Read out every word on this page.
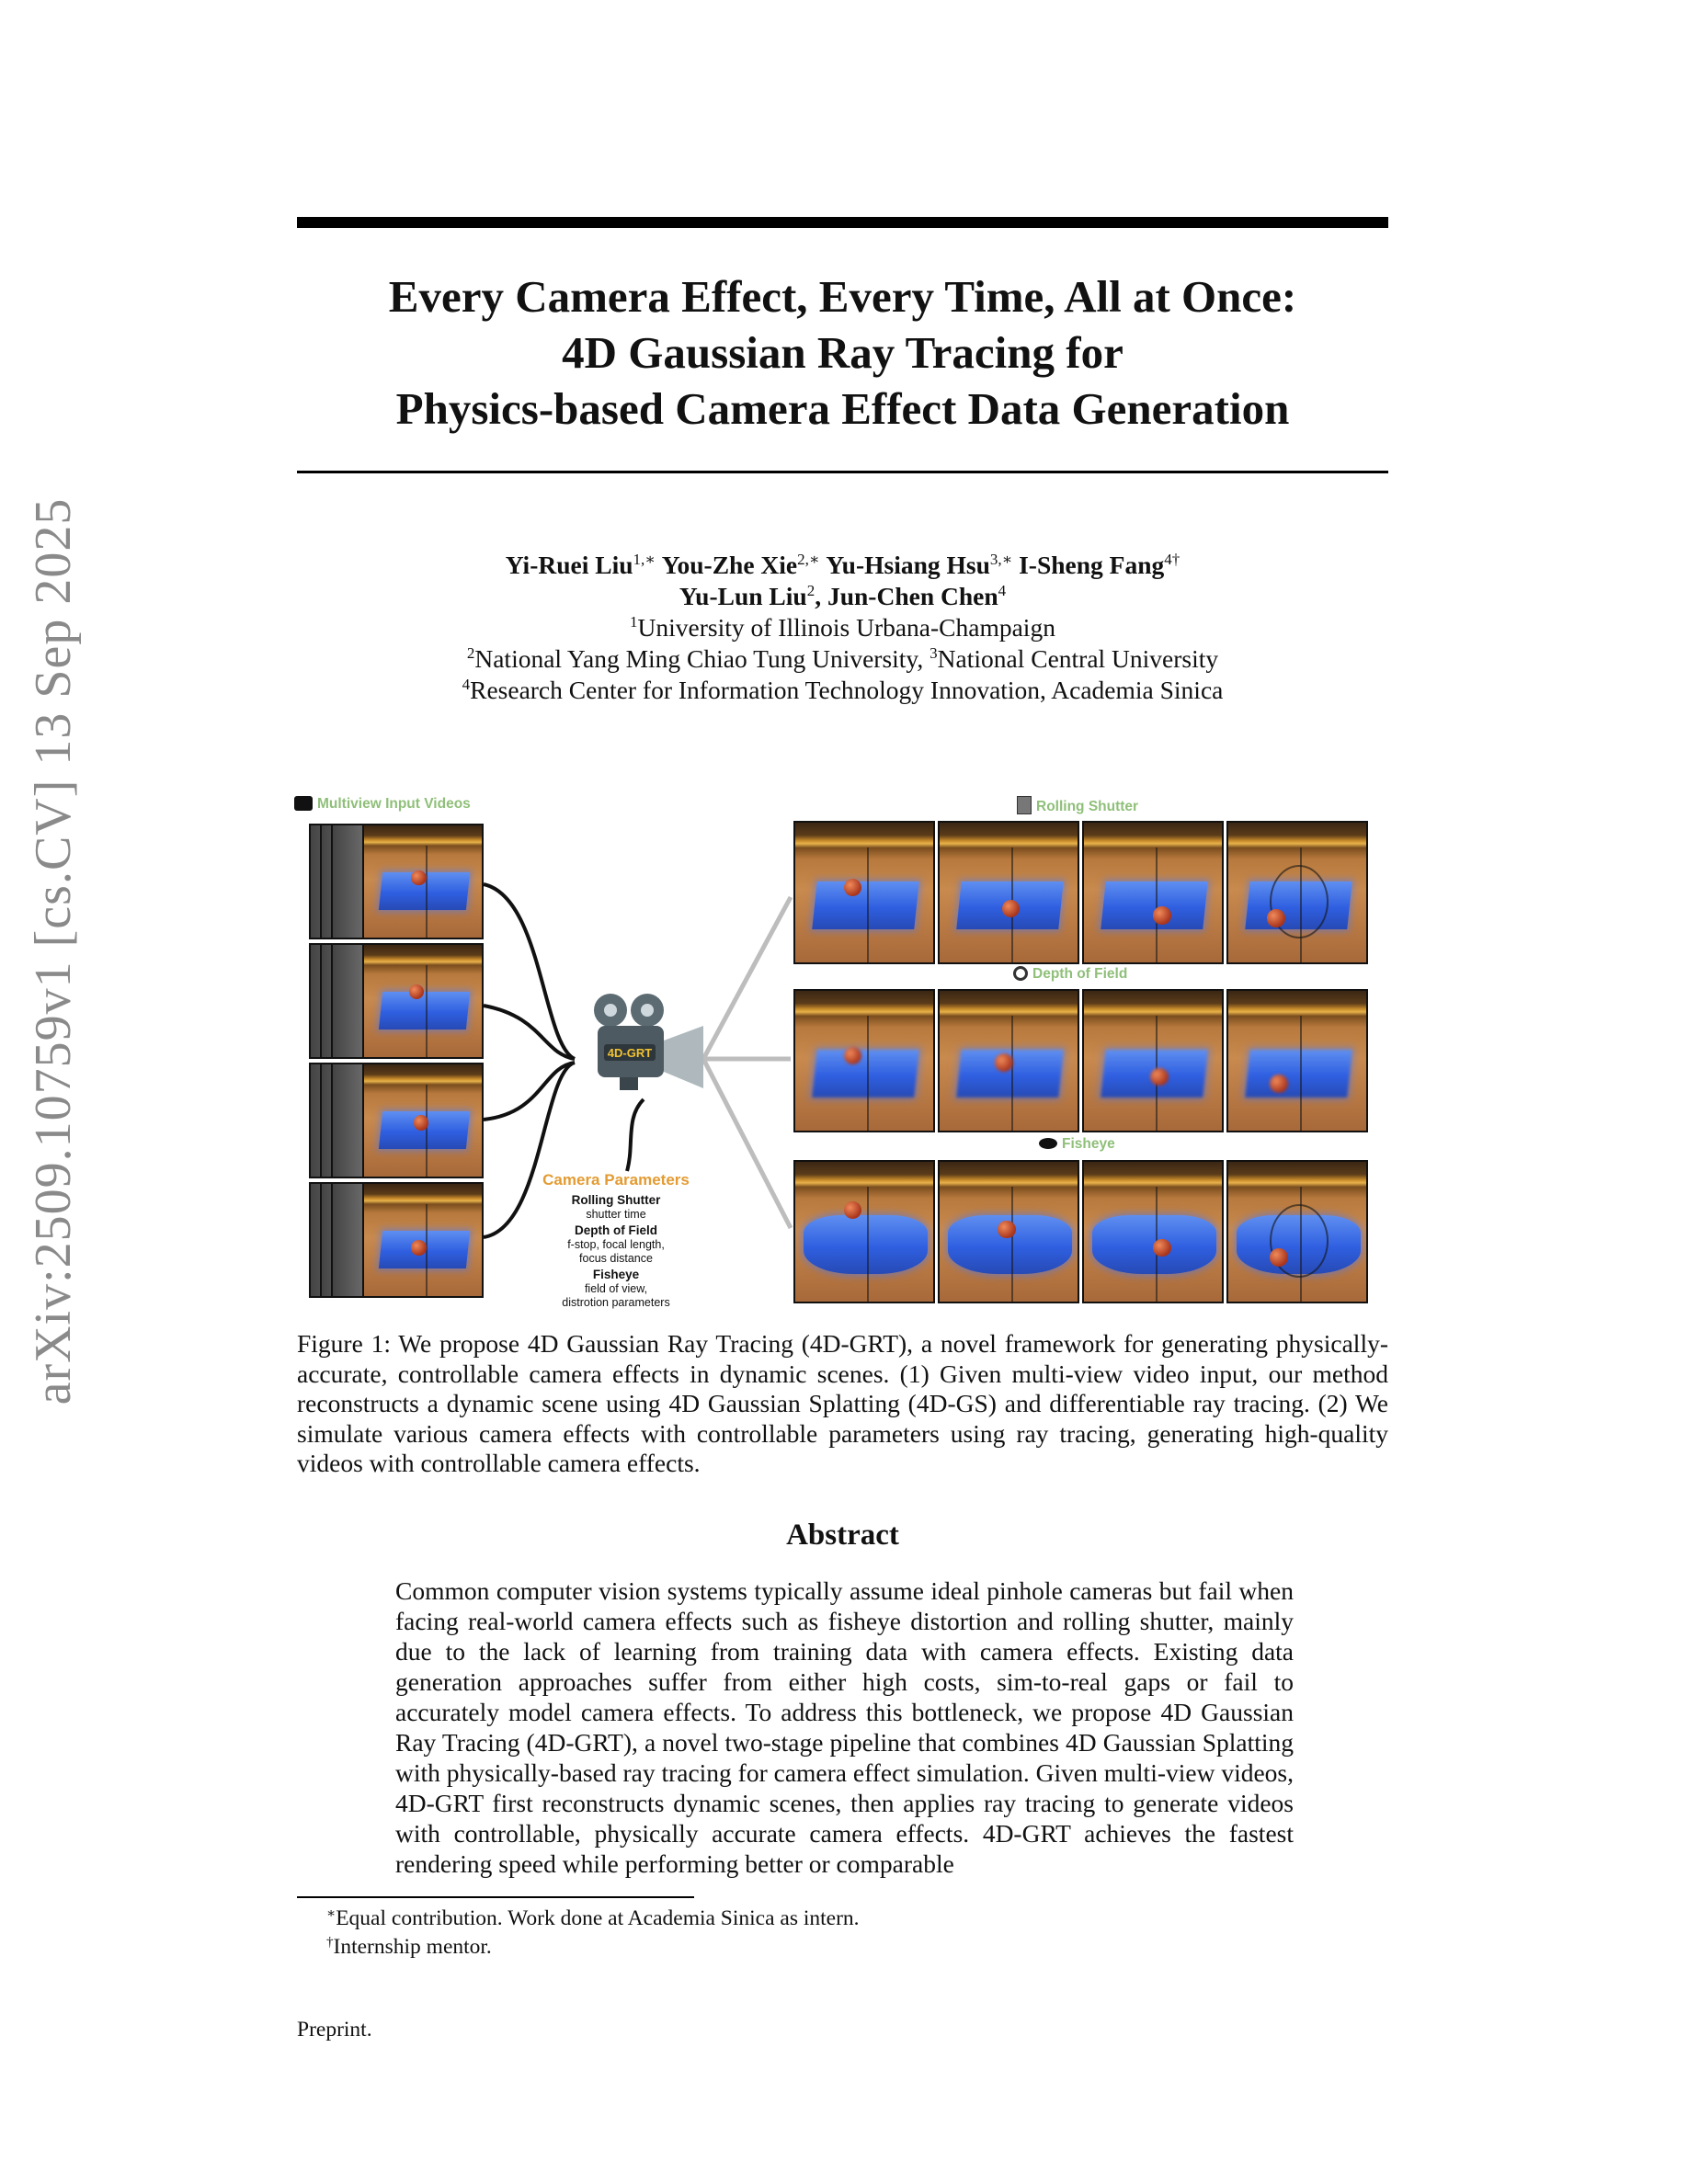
arXiv:2509.10759v1 [cs.CV] 13 Sep 2025
Every Camera Effect, Every Time, All at Once:
4D Gaussian Ray Tracing for
Physics-based Camera Effect Data Generation
Yi-Ruei Liu$^{1,∗}$ You-Zhe Xie$^{2,∗}$ Yu-Hsiang Hsu$^{3,∗}$ I-Sheng Fang$^{4\dagger}$
Yu-Lun Liu$^2$, Jun-Chen Chen$^4$
$^1$University of Illinois Urbana-Champaign
$^2$National Yang Ming Chiao Tung University, $^3$National Central University
$^4$Research Center for Information Technology Innovation, Academia Sinica
4D-GRT
Multiview Input Videos
Camera Parameters
Rolling Shutter
shutter time
Depth of Field
f-stop, focal length,
focus distance
Fisheye
field of view,
distrotion parameters
Rolling Shutter
Depth of Field
Fisheye
Figure 1: We propose 4D Gaussian Ray Tracing (4D-GRT), a novel framework for generating physically-accurate, controllable camera effects in dynamic scenes. (1) Given multi-view video input, our method reconstructs a dynamic scene using 4D Gaussian Splatting (4D-GS) and differentiable ray tracing. (2) We simulate various camera effects with controllable parameters using ray tracing, generating high-quality videos with controllable camera effects.
Abstract
Common computer vision systems typically assume ideal pinhole cameras but fail when facing real-world camera effects such as fisheye distortion and rolling shutter, mainly due to the lack of learning from training data with camera effects. Existing data generation approaches suffer from either high costs, sim-to-real gaps or fail to accurately model camera effects. To address this bottleneck, we propose 4D Gaussian Ray Tracing (4D-GRT), a novel two-stage pipeline that combines 4D Gaussian Splatting with physically-based ray tracing for camera effect simulation. Given multi-view videos, 4D-GRT first reconstructs dynamic scenes, then applies ray tracing to generate videos with controllable, physically accurate camera effects. 4D-GRT achieves the fastest rendering speed while performing better or comparable
∗Equal contribution. Work done at Academia Sinica as intern.
†Internship mentor.
Preprint.
